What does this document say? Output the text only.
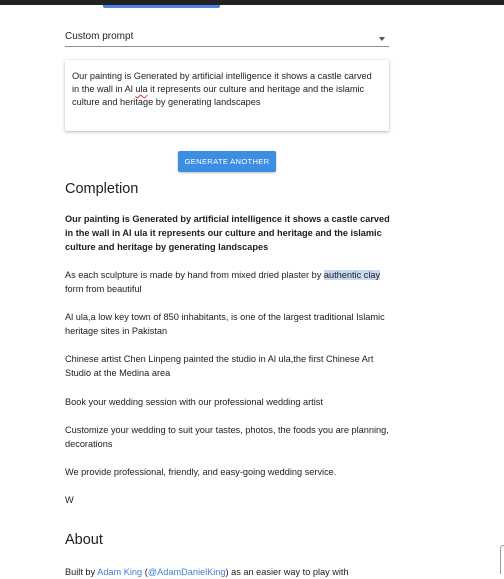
Custom prompt
Our painting is Generated by artificial intelligence it shows a castle carved in the wall in Al ula it represents our culture and heritage and the islamic culture and heritage by generating landscapes
GENERATE ANOTHER
Completion

Our painting is Generated by artificial intelligence it shows a castle carved in the wall in Al ula it represents our culture and heritage and the islamic culture and heritage by generating landscapes

As each sculpture is made by hand from mixed dried plaster by authentic clay form from beautiful

Al ula,a low key town of 850 inhabitants, is one of the largest traditional Islamic heritage sites in Pakistan

Chinese artist Chen Linpeng painted the studio in Al ula,the first Chinese Art Studio at the Medina area

Book your wedding session with our professional wedding artist

Customize your wedding to suit your tastes, photos, the foods you are planning, decorations

We provide professional, friendly, and easy-going wedding service.

W

About

Built by Adam King (@AdamDanielKing) as an easier way to play with
